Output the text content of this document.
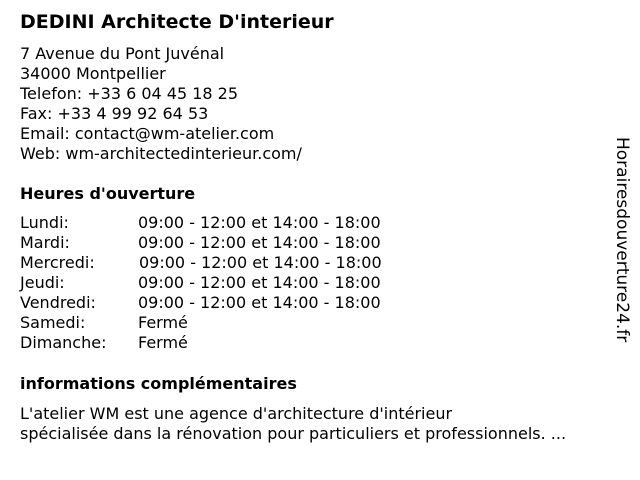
DEDINI Architecte D'interieur
7 Avenue du Pont Juvénal
34000 Montpellier
Telefon: +33 6 04 45 18 25
Fax: +33 4 99 92 64 53
Email: contact@wm-atelier.com
Web: wm-architectedinterieur.com/
Heures d'ouverture
Lundi:	09:00 - 12:00 et 14:00 - 18:00
Mardi:	09:00 - 12:00 et 14:00 - 18:00
Mercredi:	09:00 - 12:00 et 14:00 - 18:00
Jeudi:	09:00 - 12:00 et 14:00 - 18:00
Vendredi:	09:00 - 12:00 et 14:00 - 18:00
Samedi:	Fermé
Dimanche: Fermé
informations complémentaires
L'atelier WM est une agence d'architecture d'intérieur
spécialisée dans la rénovation pour particuliers et professionnels. ...
Horairesdouverture24.fr
